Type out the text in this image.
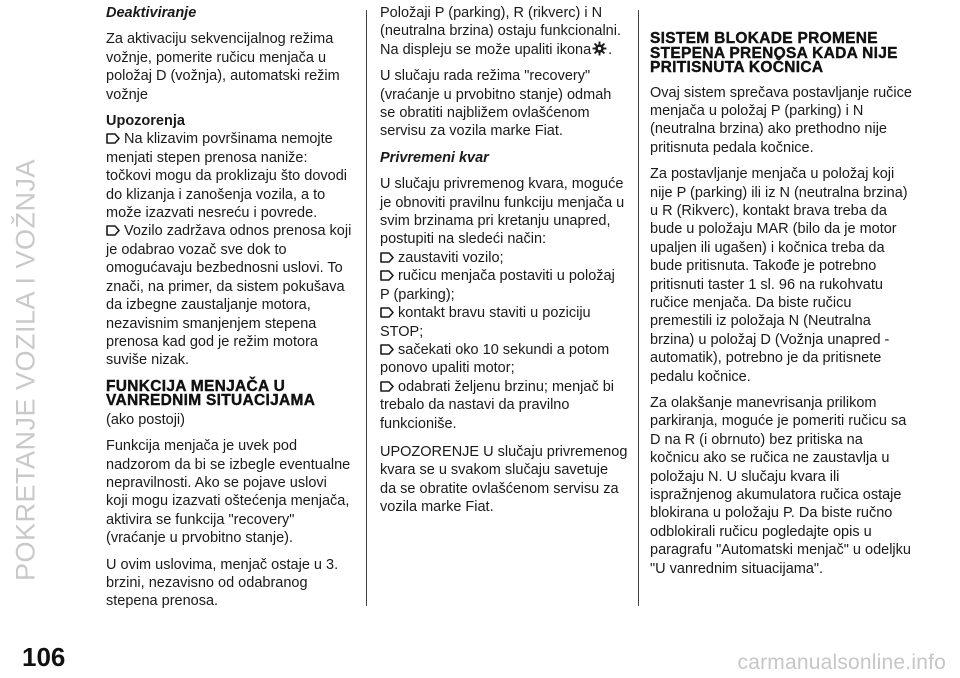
POKRETANJE VOZILA I VOŽNJA

Deaktiviranje

Za aktivaciju sekvencijalnog režima vožnje, pomerite ručicu menjača u položaj D (vožnja), automatski režim vožnje

Upozorenja

Na klizavim površinama nemojte menjati stepen prenosa naniže: točkovi mogu da proklizaju što dovodi do klizanja i zanošenja vozila, a to može izazvati nesreću i povrede.

Vozilo zadržava odnos prenosa koji je odabrao vozač sve dok to omogućavaju bezbednosni uslovi. To znači, na primer, da sistem pokušava da izbegne zaustaljanje motora, nezavisnim smanjenjem stepena prenosa kad god je režim motora suviše nizak.

FUNKCIJA MENJAČA U VANREDNIM SITUACIJAMA

(ako postoji)

Funkcija menjača je uvek pod nadzorom da bi se izbegle eventualne nepravilnosti. Ako se pojave uslovi koji mogu izazvati oštećenja menjača, aktivira se funkcija "recovery" (vraćanje u prvobitno stanje).

U ovim uslovima, menjač ostaje u 3. brzini, nezavisno od odabranog stepena prenosa.

Položaji P (parking), R (rikverc) i N (neutralna brzina) ostaju funkcionalni. Na displeju se može upaliti ikona .

U slučaju rada režima "recovery" (vraćanje u prvobitno stanje) odmah se obratiti najbližem ovlašćenom servisu za vozila marke Fiat.

Privremeni kvar

U slučaju privremenog kvara, moguće je obnoviti pravilnu funkciju menjača u svim brzinama pri kretanju unapred, postupiti na sledeći način:

zaustaviti vozilo;

ručicu menjača postaviti u položaj P (parking);

kontakt bravu staviti u poziciju STOP;

sačekati oko 10 sekundi a potom ponovo upaliti motor;

odabrati željenu brzinu; menjač bi trebalo da nastavi da pravilno funkcioniše.

UPOZORENJE U slučaju privremenog kvara se u svakom slučaju savetuje da se obratite ovlašćenom servisu za vozila marke Fiat.

SISTEM BLOKADE PROMENE STEPENA PRENOSA KADA NIJE PRITISNUTA KOČNICA

Ovaj sistem sprečava postavljanje ručice menjača u položaj P (parking) i N (neutralna brzina) ako prethodno nije pritisnuta pedala kočnice.

Za postavljanje menjača u položaj koji nije P (parking) ili iz N (neutralna brzina) u R (Rikverc), kontakt brava treba da bude u položaju MAR (bilo da je motor upaljen ili ugašen) i kočnica treba da bude pritisnuta. Takođe je potrebno pritisnuti taster 1 sl. 96 na rukohvatu ručice menjača. Da biste ručicu premestili iz položaja N (Neutralna brzina) u položaj D (Vožnja unapred - automatik), potrebno je da pritisnete pedalu kočnice.

Za olakšanje manevrisanja prilikom parkiranja, moguće je pomeriti ručicu sa D na R (i obrnuto) bez pritiska na kočnicu ako se ručica ne zaustavlja u položaju N. U slučaju kvara ili ispražnjenog akumulatora ručica ostaje blokirana u položaju P. Da biste ručno odblokirali ručicu pogledajte opis u paragrafu "Automatski menjač" u odeljku "U vanrednim situacijama".

106	carmanualsonline.info
